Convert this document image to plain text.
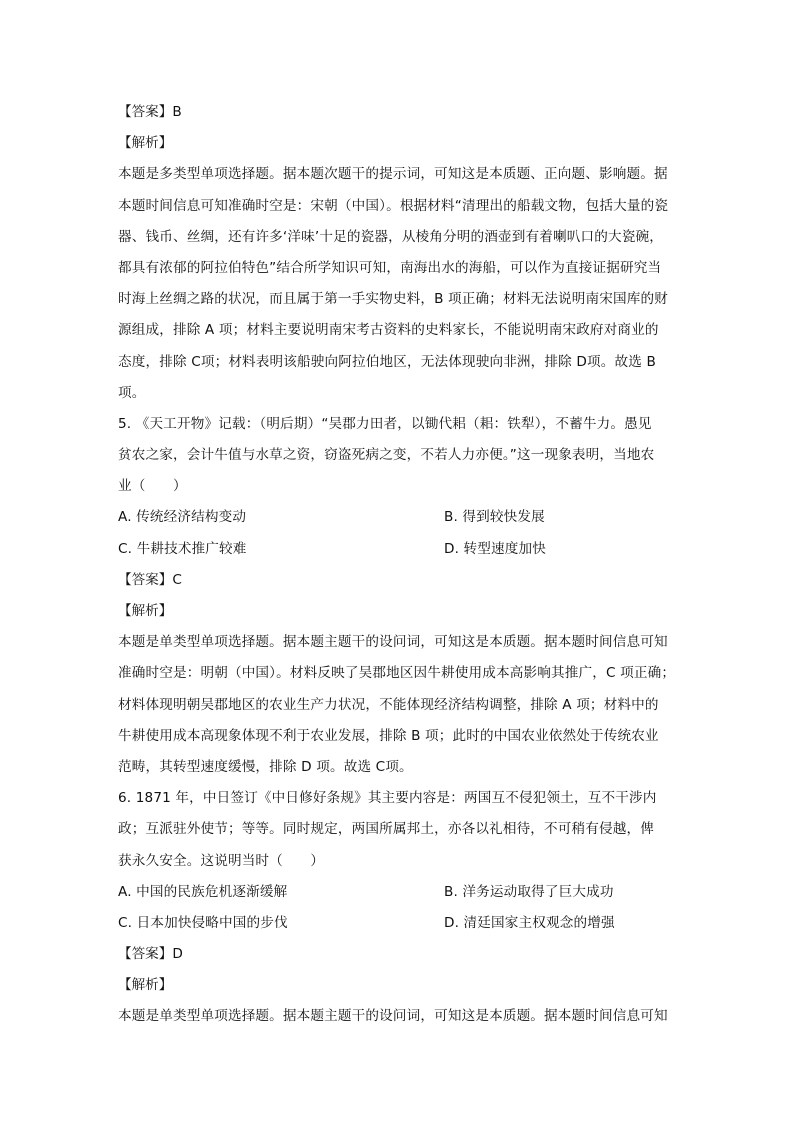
【答案】B
【解析】
本题是多类型单项选择题。据本题次题干的提示词，可知这是本质题、正向题、影响题。据
本题时间信息可知准确时空是：宋朝（中国）。根据材料“清理出的船载文物，包括大量的瓷
器、钱币、丝绸，还有许多‘洋味’十足的瓷器，从棱角分明的酒壶到有着喇叭口的大瓷碗，
都具有浓郁的阿拉伯特色”结合所学知识可知，南海出水的海船，可以作为直接证据研究当
时海上丝绸之路的状况，而且属于第一手实物史料，B 项正确；材料无法说明南宋国库的财
源组成，排除 A 项；材料主要说明南宋考古资料的史料家长，不能说明南宋政府对商业的
态度，排除 C项；材料表明该船驶向阿拉伯地区，无法体现驶向非洲，排除 D项。故选 B
项。
5. 《天工开物》记载：（明后期）“吴郡力田者，以锄代耜（耜：铁犁），不蓄牛力。愚见
贫农之家，会计牛值与水草之资，窃盗死病之变，不若人力亦便。”这一现象表明，当地农
业（　　）
A. 传统经济结构变动	B. 得到较快发展
C. 牛耕技术推广较难	D. 转型速度加快
【答案】C
【解析】
本题是单类型单项选择题。据本题主题干的设问词，可知这是本质题。据本题时间信息可知
准确时空是：明朝（中国）。材料反映了吴郡地区因牛耕使用成本高影响其推广，C 项正确；
材料体现明朝吴郡地区的农业生产力状况，不能体现经济结构调整，排除 A 项；材料中的
牛耕使用成本高现象体现不利于农业发展，排除 B 项；此时的中国农业依然处于传统农业
范畴，其转型速度缓慢，排除 D 项。故选 C项。
6. 1871 年，中日签订《中日修好条规》其主要内容是：两国互不侵犯领土，互不干涉内
政；互派驻外使节；等等。同时规定，两国所属邦土，亦各以礼相待，不可稍有侵越，俾
获永久安全。这说明当时（　　）
A. 中国的民族危机逐渐缓解	B. 洋务运动取得了巨大成功
C. 日本加快侵略中国的步伐	D. 清廷国家主权观念的增强
【答案】D
【解析】
本题是单类型单项选择题。据本题主题干的设问词，可知这是本质题。据本题时间信息可知
